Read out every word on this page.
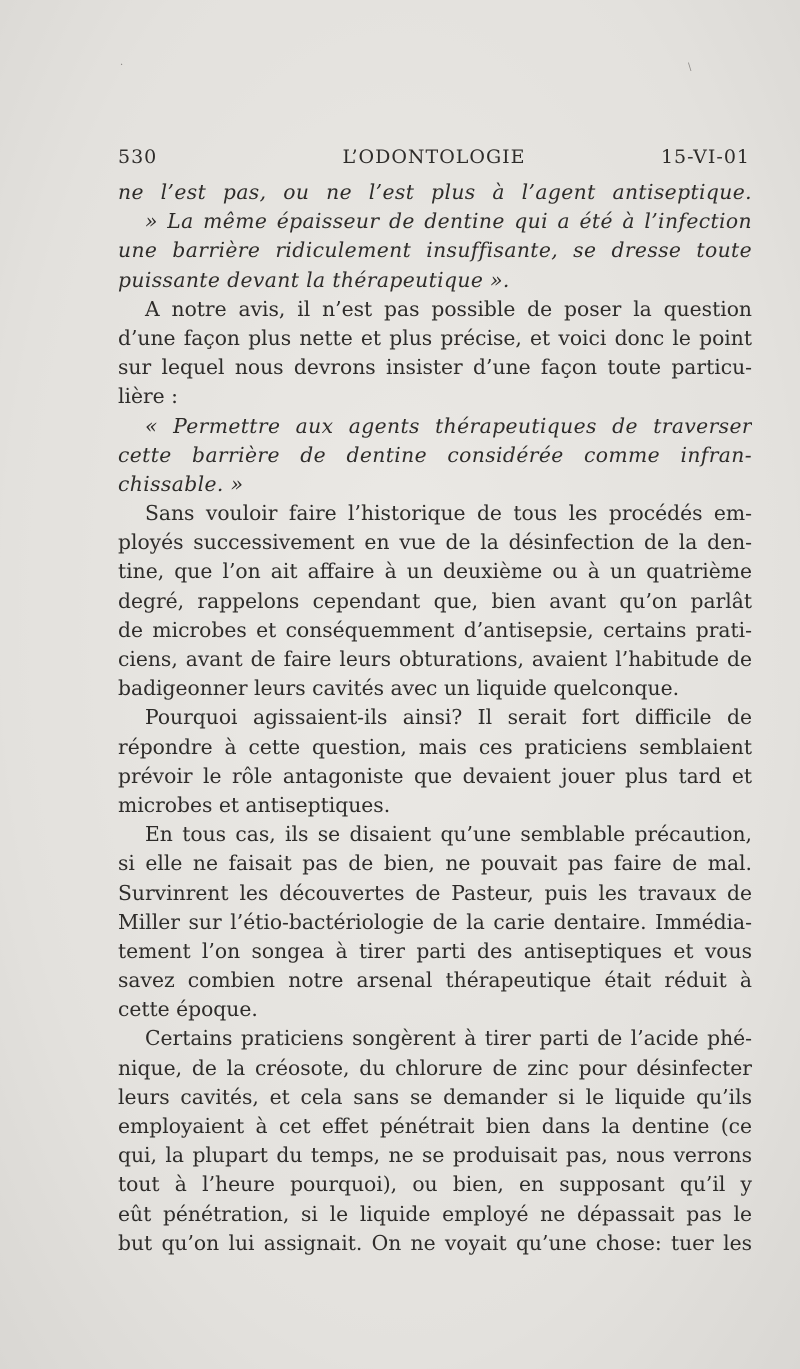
·	\
530	L’ODONTOLOGIE	15-VI-01
ne l’est pas, ou ne l’est plus à l’agent antiseptique.
» La même épaisseur de dentine qui a été à l’infection
une barrière ridiculement insuffisante, se dresse toute
puissante devant la thérapeutique ».
A notre avis, il n’est pas possible de poser la question
d’une façon plus nette et plus précise, et voici donc le point
sur lequel nous devrons insister d’une façon toute particu-
lière :
« Permettre aux agents thérapeutiques de traverser
cette barrière de dentine considérée comme infran-
chissable. »
Sans vouloir faire l’historique de tous les procédés em-
ployés successivement en vue de la désinfection de la den-
tine, que l’on ait affaire à un deuxième ou à un quatrième
degré, rappelons cependant que, bien avant qu’on parlât
de microbes et conséquemment d’antisepsie, certains prati-
ciens, avant de faire leurs obturations, avaient l’habitude de
badigeonner leurs cavités avec un liquide quelconque.
Pourquoi agissaient-ils ainsi? Il serait fort difficile de
répondre à cette question, mais ces praticiens semblaient
prévoir le rôle antagoniste que devaient jouer plus tard et
microbes et antiseptiques.
En tous cas, ils se disaient qu’une semblable précaution,
si elle ne faisait pas de bien, ne pouvait pas faire de mal.
Survinrent les découvertes de Pasteur, puis les travaux de
Miller sur l’étio-bactériologie de la carie dentaire. Immédia-
tement l’on songea à tirer parti des antiseptiques et vous
savez combien notre arsenal thérapeutique était réduit à
cette époque.
Certains praticiens songèrent à tirer parti de l’acide phé-
nique, de la créosote, du chlorure de zinc pour désinfecter
leurs cavités, et cela sans se demander si le liquide qu’ils
employaient à cet effet pénétrait bien dans la dentine (ce
qui, la plupart du temps, ne se produisait pas, nous verrons
tout à l’heure pourquoi), ou bien, en supposant qu’il y
eût pénétration, si le liquide employé ne dépassait pas le
but qu’on lui assignait. On ne voyait qu’une chose: tuer les
